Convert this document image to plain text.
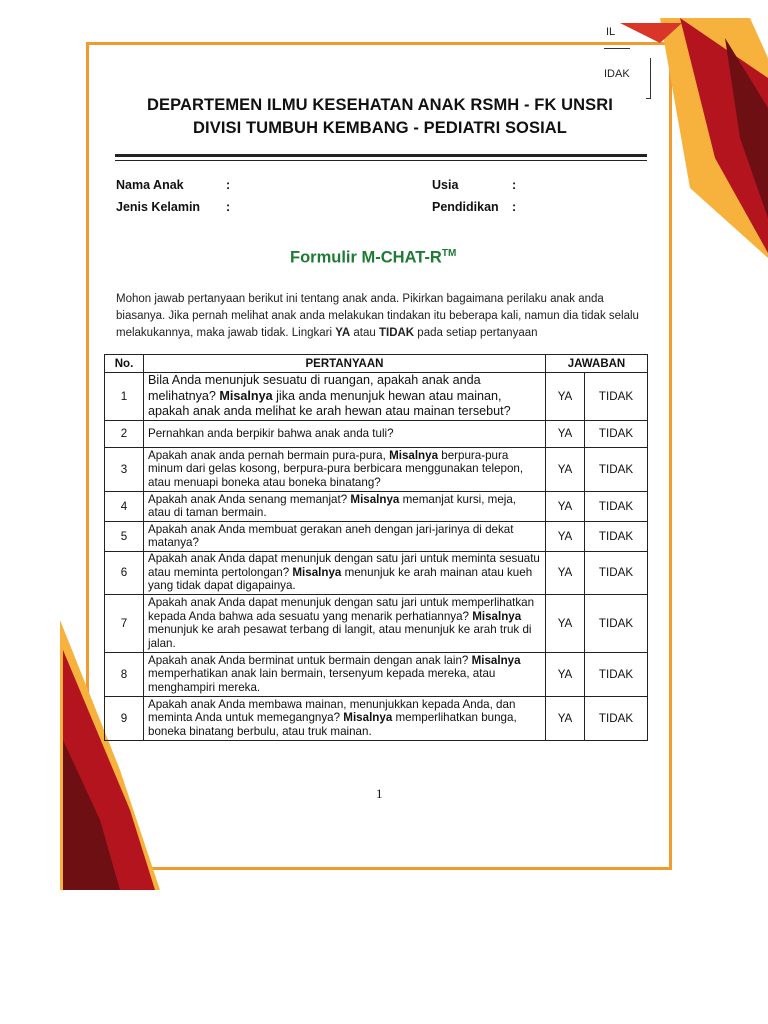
IL
IDAK
DEPARTEMEN ILMU KESEHATAN ANAK RSMH - FK UNSRI
DIVISI TUMBUH KEMBANG - PEDIATRI SOSIAL
Nama Anak	:
Jenis Kelamin :
Usia	:
Pendidikan :
Formulir M-CHAT-R™
Mohon jawab pertanyaan berikut ini tentang anak anda. Pikirkan bagaimana perilaku anak anda biasanya. Jika pernah melihat anak anda melakukan tindakan itu beberapa kali, namun dia tidak selalu melakukannya, maka jawab tidak. Lingkari YA atau TIDAK pada setiap pertanyaan
No.	PERTANYAAN	JAWABAN	
1	Bila Anda menunjuk sesuatu di ruangan, apakah anak anda melihatnya? Misalnya jika anda menunjuk hewan atau mainan, apakah anak anda melihat ke arah hewan atau mainan tersebut?	YA	TIDAK
2	Pernahkan anda berpikir bahwa anak anda tuli?	YA	TIDAK
3	Apakah anak anda pernah bermain pura-pura, Misalnya berpura-pura minum dari gelas kosong, berpura-pura berbicara menggunakan telepon, atau menuapi boneka atau boneka binatang?	YA	TIDAK
4	Apakah anak Anda senang memanjat? Misalnya memanjat kursi, meja, atau di taman bermain.	YA	TIDAK
5	Apakah anak Anda membuat gerakan aneh dengan jari-jarinya di dekat matanya?	YA	TIDAK
6	Apakah anak Anda dapat menunjuk dengan satu jari untuk meminta sesuatu atau meminta pertolongan? Misalnya menunjuk ke arah mainan atau kueh yang tidak dapat digapainya.	YA	TIDAK
7	Apakah anak Anda dapat menunjuk dengan satu jari untuk memperlihatkan kepada Anda bahwa ada sesuatu yang menarik perhatiannya? Misalnya menunjuk ke arah pesawat terbang di langit, atau menunjuk ke arah truk di jalan.	YA	TIDAK
8	Apakah anak Anda berminat untuk bermain dengan anak lain? Misalnya memperhatikan anak lain bermain, tersenyum kepada mereka, atau menghampiri mereka.	YA	TIDAK
9	Apakah anak Anda membawa mainan, menunjukkan kepada Anda, dan meminta Anda untuk memegangnya? Misalnya memperlihatkan bunga, boneka binatang berbulu, atau truk mainan.	YA	TIDAK
1
